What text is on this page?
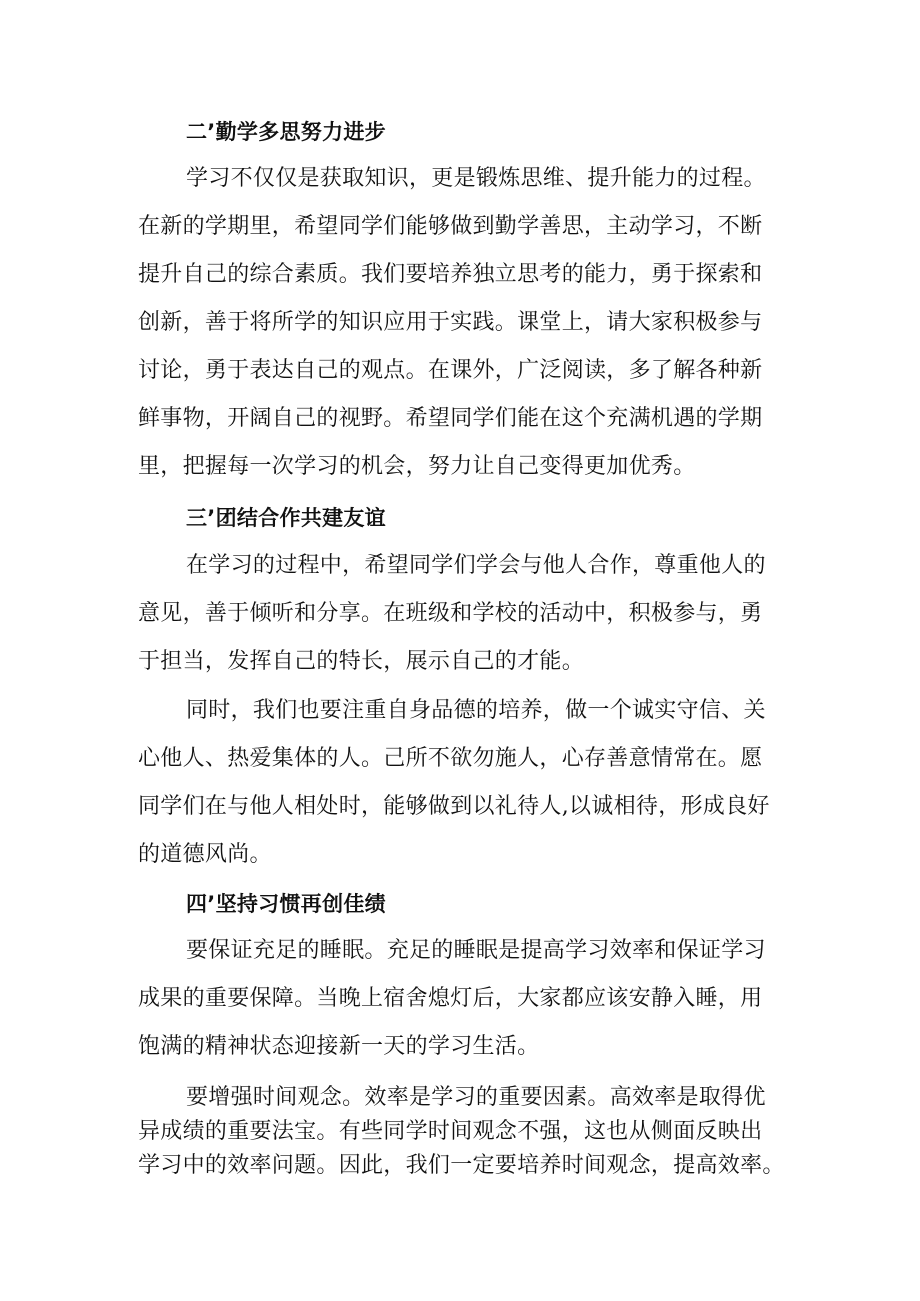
二’勤学多思努力进步
学习不仅仅是获取知识，更是锻炼思维、提升能力的过程。
在新的学期里，希望同学们能够做到勤学善思，主动学习，不断
提升自己的综合素质。我们要培养独立思考的能力，勇于探索和
创新，善于将所学的知识应用于实践。课堂上，请大家积极参与
讨论，勇于表达自己的观点。在课外，广泛阅读，多了解各种新
鲜事物，开阔自己的视野。希望同学们能在这个充满机遇的学期
里，把握每一次学习的机会，努力让自己变得更加优秀。
三’团结合作共建友谊
在学习的过程中，希望同学们学会与他人合作，尊重他人的
意见，善于倾听和分享。在班级和学校的活动中，积极参与，勇
于担当，发挥自己的特长，展示自己的才能。
同时，我们也要注重自身品德的培养，做一个诚实守信、关
心他人、热爱集体的人。己所不欲勿施人，心存善意情常在。愿
同学们在与他人相处时，能够做到以礼待人,以诚相待，形成良好
的道德风尚。
四’坚持习惯再创佳绩
要保证充足的睡眠。充足的睡眠是提高学习效率和保证学习
成果的重要保障。当晚上宿舍熄灯后，大家都应该安静入睡，用
饱满的精神状态迎接新一天的学习生活。
要增强时间观念。效率是学习的重要因素。高效率是取得优
异成绩的重要法宝。有些同学时间观念不强，这也从侧面反映出
学习中的效率问题。因此，我们一定要培养时间观念，提高效率。
